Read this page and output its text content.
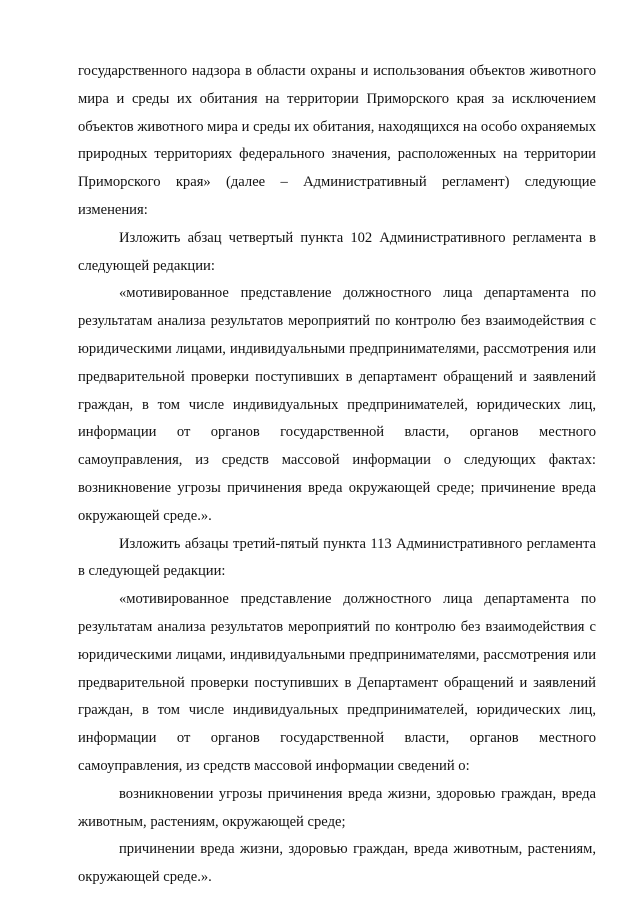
государственного надзора в области охраны и использования объектов животного мира и среды их обитания на территории Приморского края за исключением объектов животного мира и среды их обитания, находящихся на особо охраняемых природных территориях федерального значения, расположенных на территории Приморского края» (далее – Административный регламент) следующие изменения:

Изложить абзац четвертый пункта 102 Административного регламента в следующей редакции:

«мотивированное представление должностного лица департамента по результатам анализа результатов мероприятий по контролю без взаимодействия с юридическими лицами, индивидуальными предпринимателями, рассмотрения или предварительной проверки поступивших в департамент обращений и заявлений граждан, в том числе индивидуальных предпринимателей, юридических лиц, информации от органов государственной власти, органов местного самоуправления, из средств массовой информации о следующих фактах: возникновение угрозы причинения вреда окружающей среде; причинение вреда окружающей среде.».

Изложить абзацы третий-пятый пункта 113 Административного регламента в следующей редакции:

«мотивированное представление должностного лица департамента по результатам анализа результатов мероприятий по контролю без взаимодействия с юридическими лицами, индивидуальными предпринимателями, рассмотрения или предварительной проверки поступивших в Департамент обращений и заявлений граждан, в том числе индивидуальных предпринимателей, юридических лиц, информации от органов государственной власти, органов местного самоуправления, из средств массовой информации сведений о:

возникновении угрозы причинения вреда жизни, здоровью граждан, вреда животным, растениям, окружающей среде;

причинении вреда жизни, здоровью граждан, вреда животным, растениям, окружающей среде.».
